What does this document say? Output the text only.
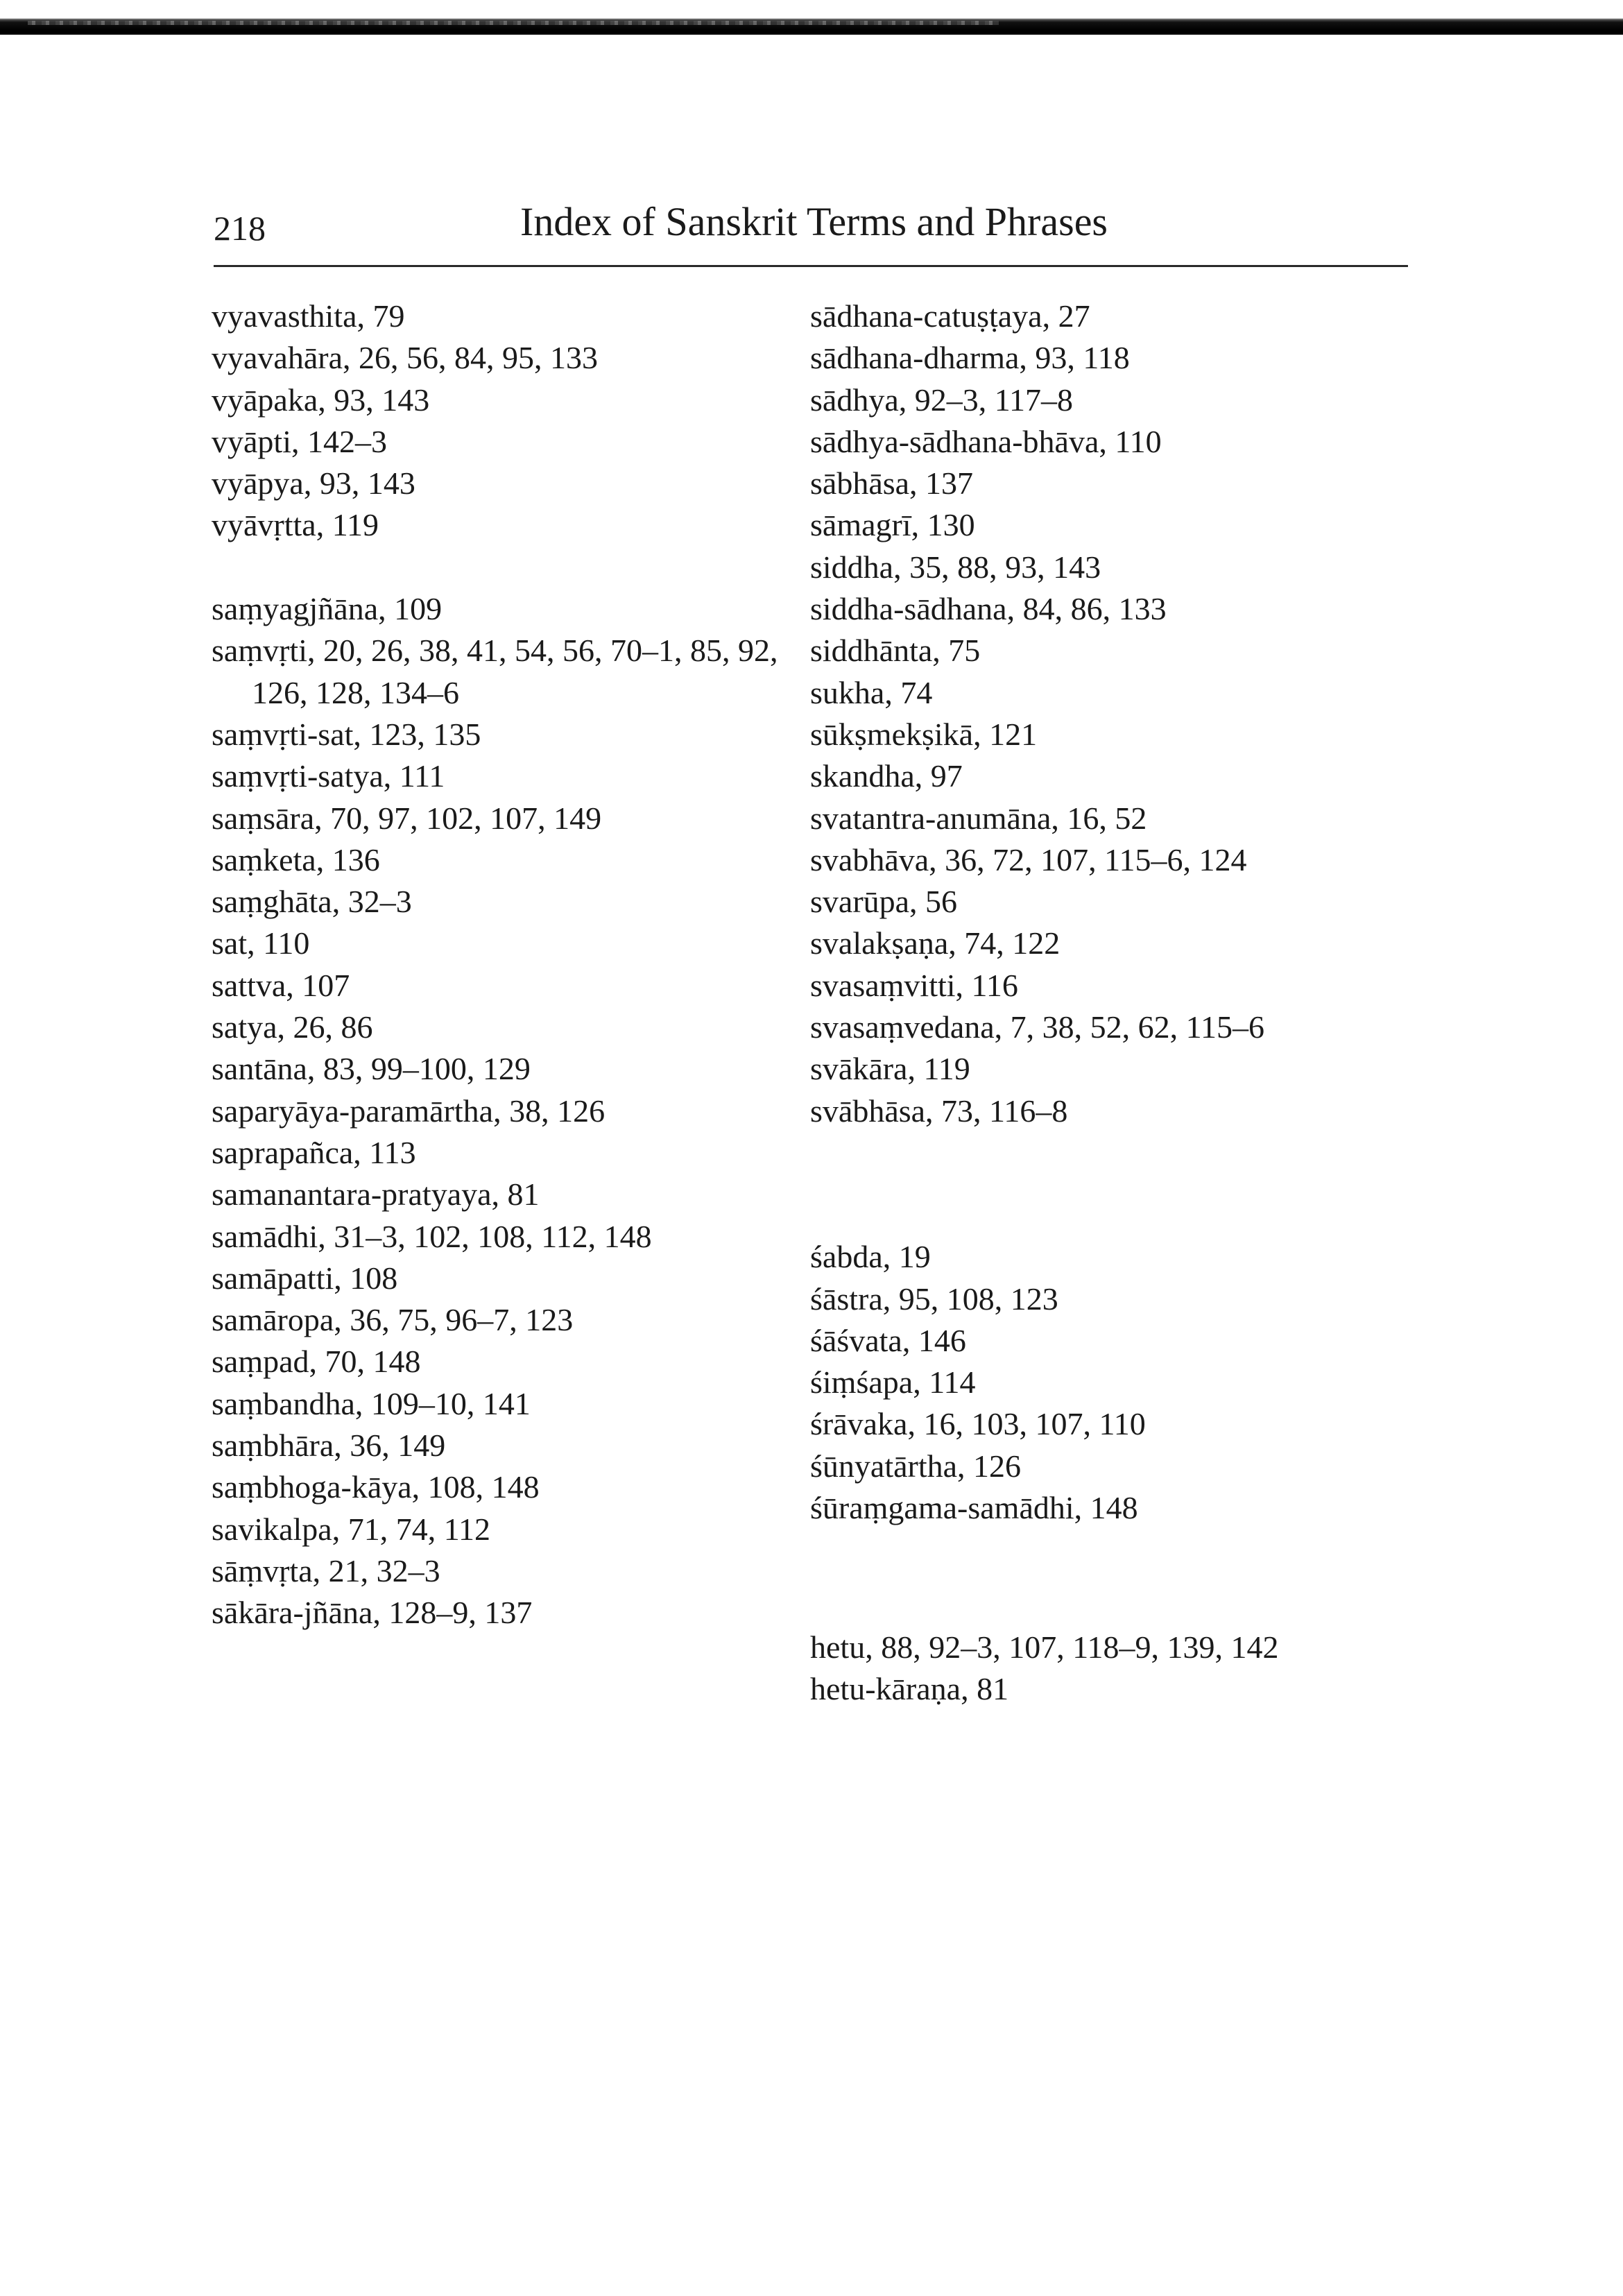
218	Index of Sanskrit Terms and Phrases

vyavasthita, 79

vyavahāra, 26, 56, 84, 95, 133

vyāpaka, 93, 143

vyāpti, 142–3

vyāpya, 93, 143

vyāvṛtta, 119

saṃyagjñāna, 109

saṃvṛti, 20, 26, 38, 41, 54, 56, 70–1, 85, 92, 126, 128, 134–6

saṃvṛti-sat, 123, 135

saṃvṛti-satya, 111

saṃsāra, 70, 97, 102, 107, 149

saṃketa, 136

saṃghāta, 32–3

sat, 110

sattva, 107

satya, 26, 86

santāna, 83, 99–100, 129

saparyāya-paramārtha, 38, 126

saprapañca, 113

samanantara-pratyaya, 81

samādhi, 31–3, 102, 108, 112, 148

samāpatti, 108

samāropa, 36, 75, 96–7, 123

saṃpad, 70, 148

saṃbandha, 109–10, 141

saṃbhāra, 36, 149

saṃbhoga-kāya, 108, 148

savikalpa, 71, 74, 112

sāṃvṛta, 21, 32–3

sākāra-jñāna, 128–9, 137

sādhana-catuṣṭaya, 27

sādhana-dharma, 93, 118

sādhya, 92–3, 117–8

sādhya-sādhana-bhāva, 110

sābhāsa, 137

sāmagrī, 130

siddha, 35, 88, 93, 143

siddha-sādhana, 84, 86, 133

siddhānta, 75

sukha, 74

sūkṣmekṣikā, 121

skandha, 97

svatantra-anumāna, 16, 52

svabhāva, 36, 72, 107, 115–6, 124

svarūpa, 56

svalakṣaṇa, 74, 122

svasaṃvitti, 116

svasaṃvedana, 7, 38, 52, 62, 115–6

svākāra, 119

svābhāsa, 73, 116–8

śabda, 19

śāstra, 95, 108, 123

śāśvata, 146

śiṃśapa, 114

śrāvaka, 16, 103, 107, 110

śūnyatārtha, 126

śūraṃgama-samādhi, 148

hetu, 88, 92–3, 107, 118–9, 139, 142

hetu-kāraṇa, 81
